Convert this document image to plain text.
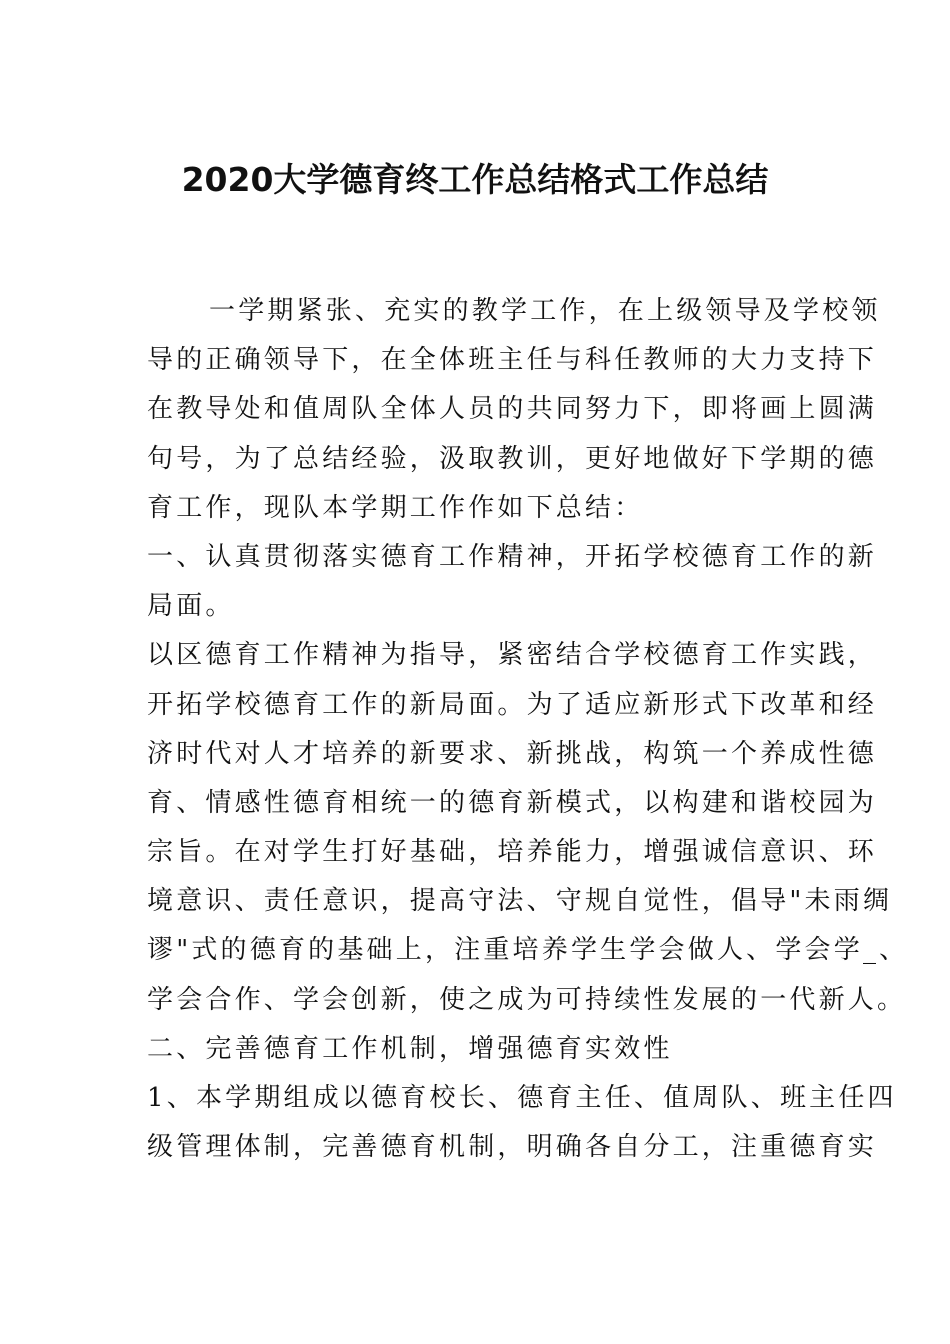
2020大学德育终工作总结格式工作总结
一学期紧张、充实的教学工作，在上级领导及学校领
导的正确领导下，在全体班主任与科任教师的大力支持下
在教导处和值周队全体人员的共同努力下，即将画上圆满
句号，为了总结经验，汲取教训，更好地做好下学期的德
育工作，现队本学期工作作如下总结：
一、认真贯彻落实德育工作精神，开拓学校德育工作的新
局面。
以区德育工作精神为指导，紧密结合学校德育工作实践，
开拓学校德育工作的新局面。为了适应新形式下改革和经
济时代对人才培养的新要求、新挑战，构筑一个养成性德
育、情感性德育相统一的德育新模式，以构建和谐校园为
宗旨。在对学生打好基础，培养能力，增强诚信意识、环
境意识、责任意识，提高守法、守规自觉性，倡导"未雨绸
谬"式的德育的基础上，注重培养学生学会做人、学会学_、
学会合作、学会创新，使之成为可持续性发展的一代新人。
二、完善德育工作机制，增强德育实效性
1、本学期组成以德育校长、德育主任、值周队、班主任四
级管理体制，完善德育机制，明确各自分工，注重德育实
